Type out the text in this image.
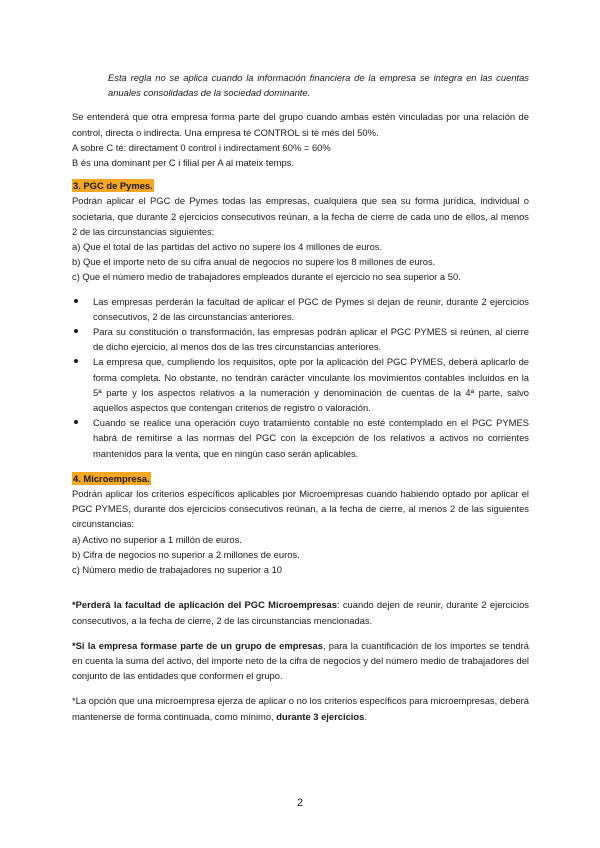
Esta regla no se aplica cuando la información financiera de la empresa se integra en las cuentas anuales consolidadas de la sociedad dominante.

Se entenderá que otra empresa forma parte del grupo cuando ambas estén vinculadas por una relación de control, directa o indirecta. Una empresa té CONTROL si té més del 50%.

A sobre C té: directament 0 control i indirectament 60% = 60%

B és una dominant per C i filial per A al mateix temps.

3. PGC de Pymes.

Podrán aplicar el PGC de Pymes todas las empresas, cualquiera que sea su forma jurídica, individual o societaria, que durante 2 ejercicios consecutivos reúnan, a la fecha de cierre de cada uno de ellos, al menos 2 de las circunstancias siguientes:

a) Que el total de las partidas del activo no supere los 4 millones de euros.

b) Que el importe neto de su cifra anual de negocios no supere los 8 millones de euros.

c) Que el número medio de trabajadores empleados durante el ejercicio no sea superior a 50.

Las empresas perderán la facultad de aplicar el PGC de Pymes si dejan de reunir, durante 2 ejercicios consecutivos, 2 de las circunstancias anteriores.
Para su constitución o transformación, las empresas podrán aplicar el PGC PYMES si reúnen, al cierre de dicho ejercicio, al menos dos de las tres circunstancias anteriores.
La empresa que, cumpliendo los requisitos, opte por la aplicación del PGC PYMES, deberá aplicarlo de forma completa. No obstante, no tendrán carácter vinculante los movimientos contables incluidos en la 5ª parte y los aspectos relativos a la numeración y denominación de cuentas de la 4ª parte, salvo aquellos aspectos que contengan criterios de registro o valoración.
Cuando se realice una operación cuyo tratamiento contable no esté contemplado en el PGC PYMES habrá de remitirse a las normas del PGC con la excepción de los relativos a activos no corrientes mantenidos para la venta, que en ningún caso serán aplicables.

4. Microempresa.

Podrán aplicar los criterios específicos aplicables por Microempresas cuando habiendo optado por aplicar el PGC PYMES, durante dos ejercicios consecutivos reúnan, a la fecha de cierre, al menos 2 de las siguientes circunstancias:

a) Activo no superior a 1 millón de euros.

b) Cifra de negocios no superior a 2 millones de euros.

c) Número medio de trabajadores no superior a 10

*Perderá la facultad de aplicación del PGC Microempresas: cuando dejen de reunir, durante 2 ejercicios consecutivos, a la fecha de cierre, 2 de las circunstancias mencionadas.

*Si la empresa formase parte de un grupo de empresas, para la cuantificación de los importes se tendrá en cuenta la suma del activo, del importe neto de la cifra de negocios y del número medio de trabajadores del conjunto de las entidades que conformen el grupo.

*La opción que una microempresa ejerza de aplicar o no los criterios específicos para microempresas, deberá mantenerse de forma continuada, como mínimo, durante 3 ejercicios.

2
